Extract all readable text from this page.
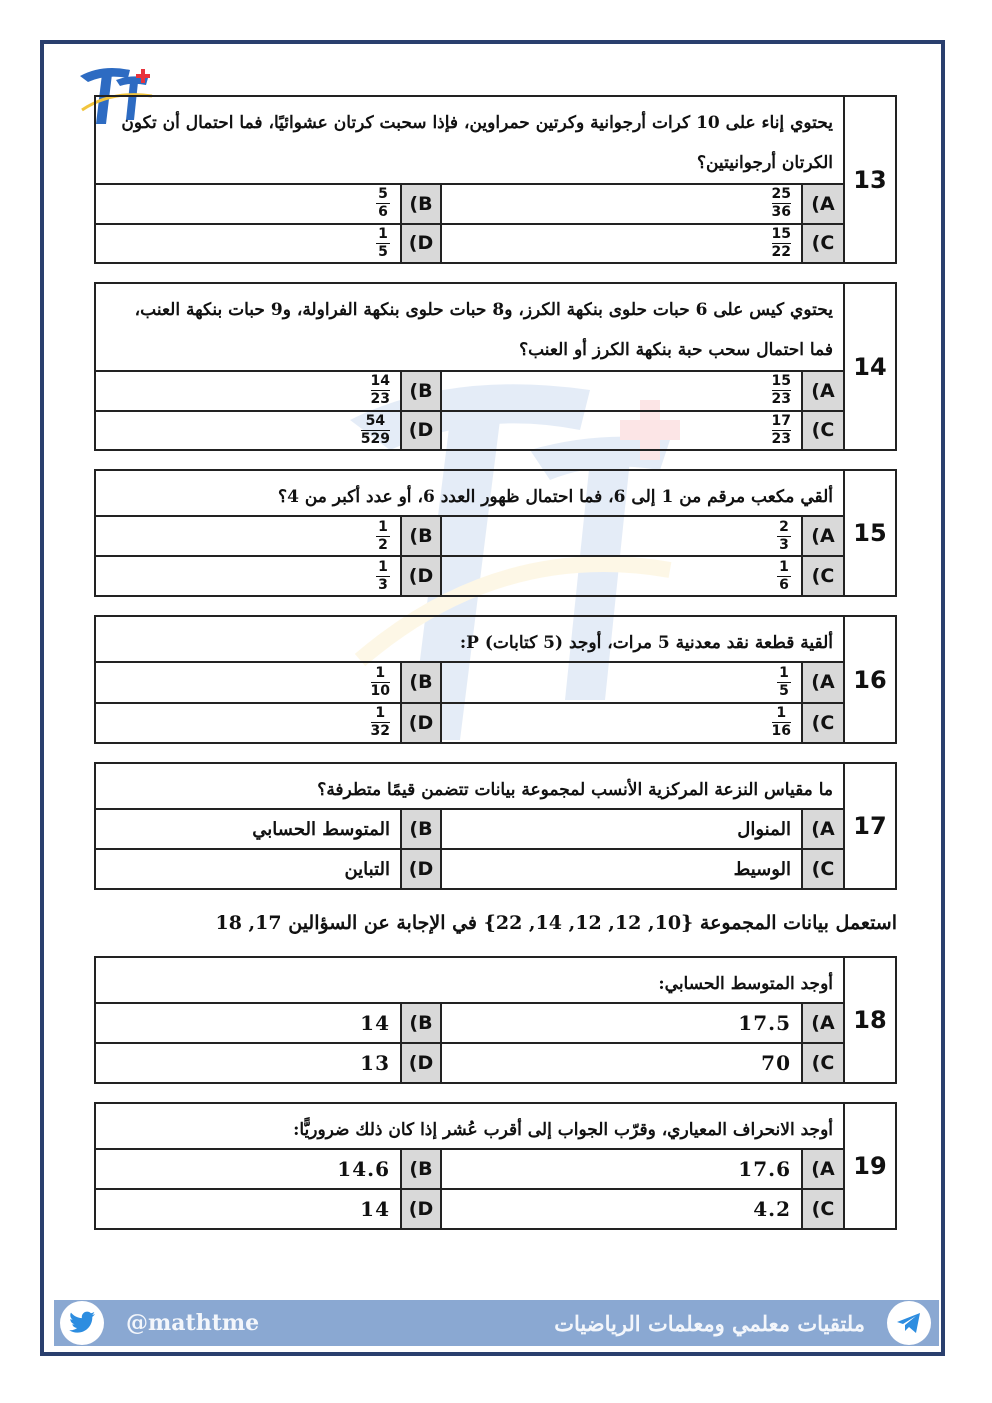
13
يحتوي إناء على 10 كرات أرجوانية وكرتين حمراوين، فإذا سحبت كرتان عشوائيًا، فما احتمال أن تكون الكرتان أرجوانيتين؟
(A
$\frac{25}{36}$
(B
$\frac{5}{6}$
(C
$\frac{15}{22}$
(D
$\frac{1}{5}$
14
يحتوي كيس على 6 حبات حلوى بنكهة الكرز، و8 حبات حلوى بنكهة الفراولة، و9 حبات بنكهة العنب، فما احتمال سحب حبة بنكهة الكرز أو العنب؟
(A
$\frac{15}{23}$
(B
$\frac{14}{23}$
(C
$\frac{17}{23}$
(D
$\frac{54}{529}$
15
ألقي مكعب مرقم من 1 إلى 6، فما احتمال ظهور العدد 6، أو عدد أكبر من 4؟
(A
$\frac{2}{3}$
(B
$\frac{1}{2}$
(C
$\frac{1}{6}$
(D
$\frac{1}{3}$
16
ألقية قطعة نقد معدنية 5 مرات، أوجد (5 كتابات) P:
(A
$\frac{1}{5}$
(B
$\frac{1}{10}$
(C
$\frac{1}{16}$
(D
$\frac{1}{32}$
17
ما مقياس النزعة المركزية الأنسب لمجموعة بيانات تتضمن قيمًا متطرفة؟
(A
المنوال
(B
المتوسط الحسابي
(C
الوسيط
(D
التباين
استعمل بيانات المجموعة {10, 12, 12, 14, 22} في الإجابة عن السؤالين 17, 18
18
أوجد المتوسط الحسابي:
(A
17.5
(B
14
(C
70
(D
13
19
أوجد الانحراف المعياري، وقرّب الجواب إلى أقرب عُشر إذا كان ذلك ضروريًّا:
(A
17.6
(B
14.6
(C
4.2
(D
14
@mathtme	ملتقيات معلمي ومعلمات الرياضيات
